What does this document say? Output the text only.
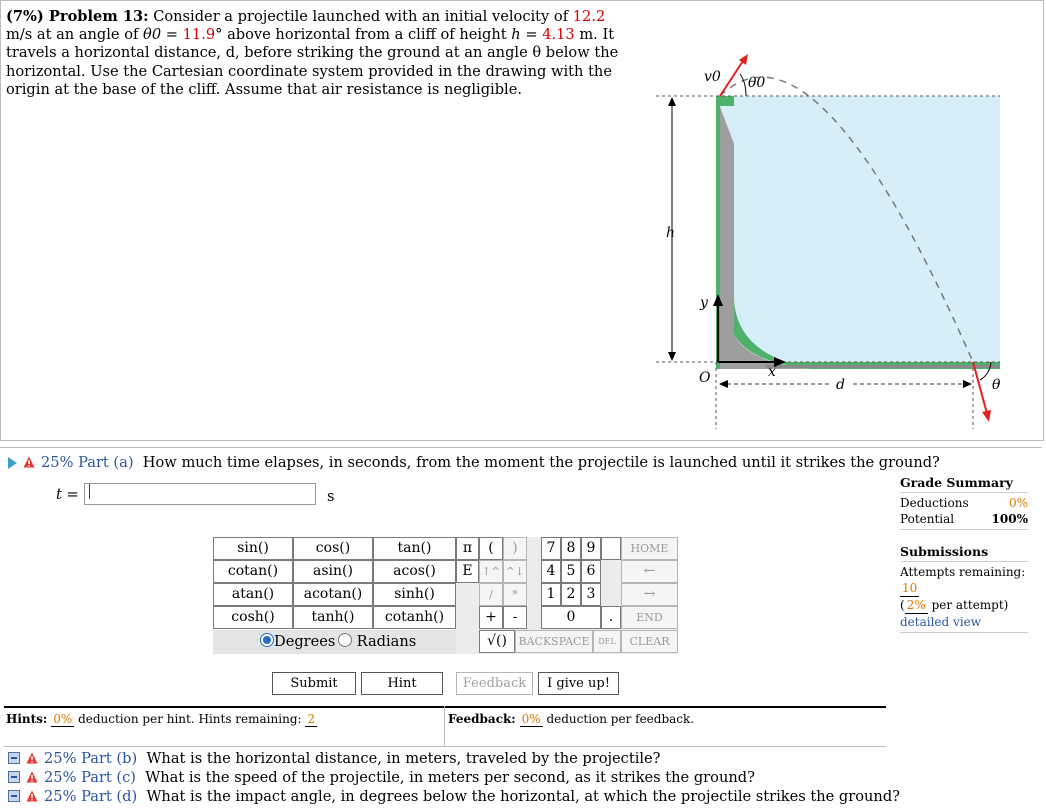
(7%) Problem 13: Consider a projectile launched with an initial velocity of 12.2 m/s at an angle of θ0 = 11.9° above horizontal from a cliff of height h = 4.13 m. It travels a horizontal distance, d, before striking the ground at an angle θ below the horizontal. Use the Cartesian coordinate system provided in the drawing with the origin at the base of the cliff. Assume that air resistance is negligible.
h
v0 θ0
y
x
O	d	θ
25% Part (a) How much time elapses, in seconds, from the moment the projectile is launched until it strikes the ground?
t =	s
sin()	cos()	tan()
cotan()	asin()	acos()
atan()	acotan()	sinh()
cosh()	tanh()	cotanh()
Degrees	Radians
π	(	)
E ↑^ ^↓
/	*
+	-
√()
7 8 9
4 5 6
1 2 3
0	.
HOME
←
→
END
BACKSPACE	DEL	CLEAR
Submit	Hint	Feedback	I give up!
Grade Summary
Deductions	0%
Potential	100%
Submissions
Attempts remaining: 10
( 2% per attempt)
detailed view
Hints: 0% deduction per hint. Hints remaining: 2	Feedback: 0% deduction per feedback.
25% Part (b) What is the horizontal distance, in meters, traveled by the projectile?
25% Part (c) What is the speed of the projectile, in meters per second, as it strikes the ground?
25% Part (d) What is the impact angle, in degrees below the horizontal, at which the projectile strikes the ground?
